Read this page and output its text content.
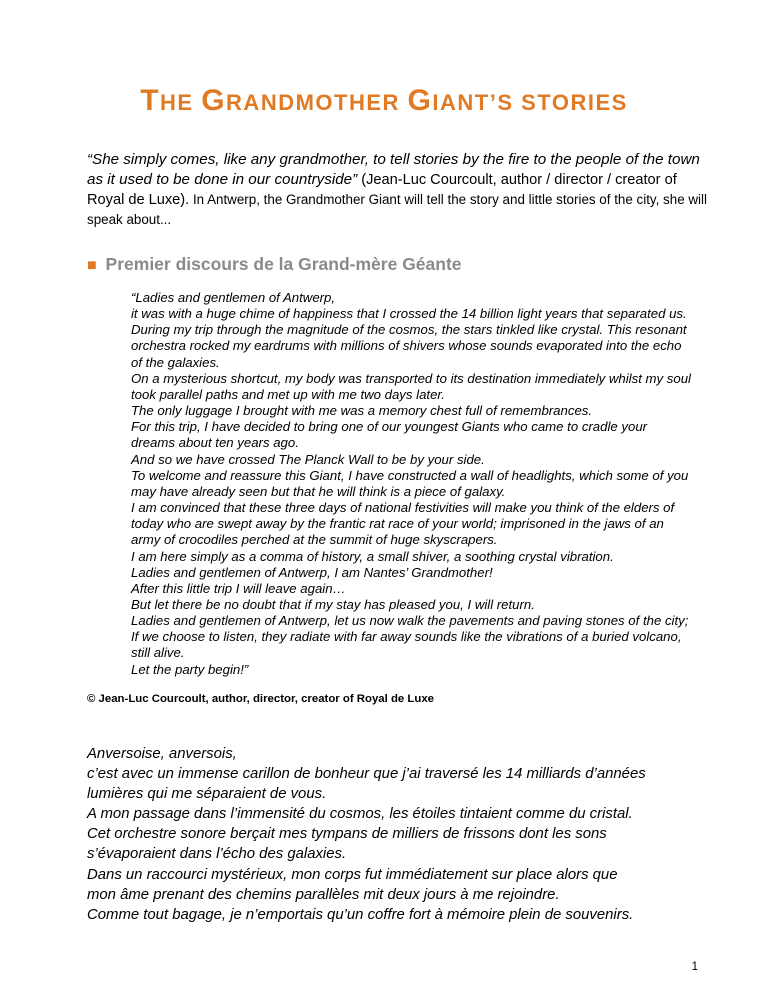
THE GRANDMOTHER GIANT’S STORIES
“She simply comes, like any grandmother, to tell stories by the fire to the people of the town as it used to be done in our countryside” (Jean-Luc Courcoult, author / director / creator of Royal de Luxe). In Antwerp, the Grandmother Giant will tell the story and little stories of the city, she will speak about...
■ Premier discours de la Grand-mère Géante
“Ladies and gentlemen of Antwerp,
it was with a huge chime of happiness that I crossed the 14 billion light years that separated us.
During my trip through the magnitude of the cosmos, the stars tinkled like crystal. This resonant orchestra rocked my eardrums with millions of shivers whose sounds evaporated into the echo of the galaxies.
On a mysterious shortcut, my body was transported to its destination immediately whilst my soul took parallel paths and met up with me two days later.
The only luggage I brought with me was a memory chest full of remembrances.
For this trip, I have decided to bring one of our youngest Giants who came to cradle your dreams about ten years ago.
And so we have crossed The Planck Wall to be by your side.
To welcome and reassure this Giant, I have constructed a wall of headlights, which some of you may have already seen but that he will think is a piece of galaxy.
I am convinced that these three days of national festivities will make you think of the elders of today who are swept away by the frantic rat race of your world; imprisoned in the jaws of an army of crocodiles perched at the summit of huge skyscrapers.
I am here simply as a comma of history, a small shiver, a soothing crystal vibration.
Ladies and gentlemen of Antwerp, I am Nantes’ Grandmother!
After this little trip I will leave again…
But let there be no doubt that if my stay has pleased you, I will return.
Ladies and gentlemen of Antwerp, let us now walk the pavements and paving stones of the city;
If we choose to listen, they radiate with far away sounds like the vibrations of a buried volcano, still alive.
Let the party begin!”
© Jean-Luc Courcoult, author, director, creator of Royal de Luxe
Anversoise, anversois,
c’est avec un immense carillon de bonheur que j’ai traversé les 14 milliards d’années
lumières qui me séparaient de vous.
A mon passage dans l’immensité du cosmos, les étoiles tintaient comme du cristal.
Cet orchestre sonore berçait mes tympans de milliers de frissons dont les sons
s’évaporaient dans l’écho des galaxies.
Dans un raccourci mystérieux, mon corps fut immédiatement sur place alors que
mon âme prenant des chemins parallèles mit deux jours à me rejoindre.
Comme tout bagage, je n’emportais qu’un coffre fort à mémoire plein de souvenirs.
1
